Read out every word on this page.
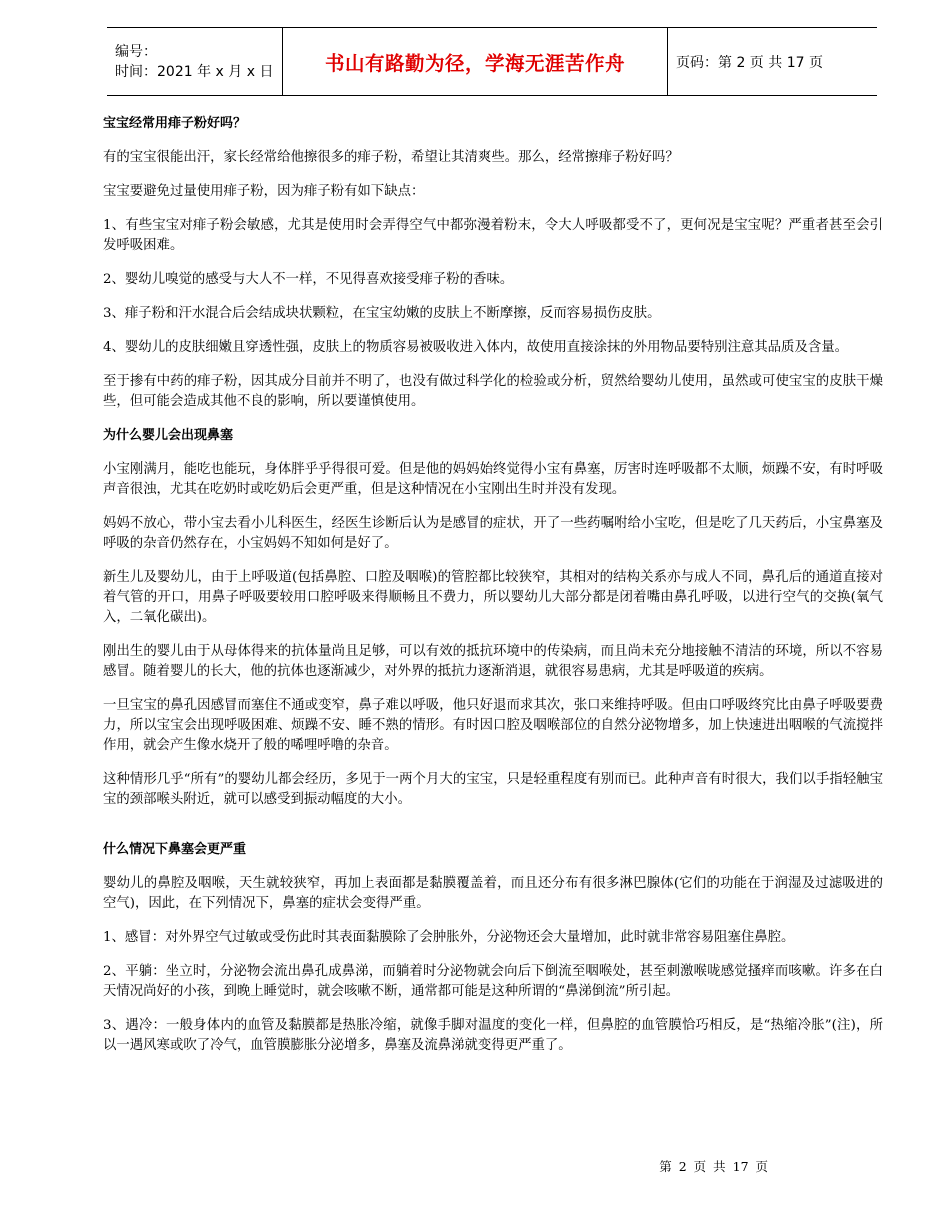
编号：
时间：2021 年 x 月 x 日	书山有路勤为径，学海无涯苦作舟	页码：第 2 页 共 17 页

宝宝经常用痱子粉好吗？

有的宝宝很能出汗，家长经常给他擦很多的痱子粉，希望让其清爽些。那么，经常擦痱子粉好吗？

宝宝要避免过量使用痱子粉，因为痱子粉有如下缺点：

1、有些宝宝对痱子粉会敏感，尤其是使用时会弄得空气中都弥漫着粉末，令大人呼吸都受不了，更何况是宝宝呢？严重者甚至会引发呼吸困难。

2、婴幼儿嗅觉的感受与大人不一样，不见得喜欢接受痱子粉的香味。

3、痱子粉和汗水混合后会结成块状颗粒，在宝宝幼嫩的皮肤上不断摩擦，反而容易损伤皮肤。

4、婴幼儿的皮肤细嫩且穿透性强，皮肤上的物质容易被吸收进入体内，故使用直接涂抹的外用物品要特别注意其品质及含量。

至于掺有中药的痱子粉，因其成分目前并不明了，也没有做过科学化的检验或分析，贸然给婴幼儿使用，虽然或可使宝宝的皮肤干燥些，但可能会造成其他不良的影响，所以要谨慎使用。

为什么婴儿会出现鼻塞

小宝刚满月，能吃也能玩，身体胖乎乎得很可爱。但是他的妈妈始终觉得小宝有鼻塞，厉害时连呼吸都不太顺，烦躁不安，有时呼吸声音很浊，尤其在吃奶时或吃奶后会更严重，但是这种情况在小宝刚出生时并没有发现。

妈妈不放心，带小宝去看小儿科医生，经医生诊断后认为是感冒的症状，开了一些药嘱咐给小宝吃，但是吃了几天药后，小宝鼻塞及呼吸的杂音仍然存在，小宝妈妈不知如何是好了。

新生儿及婴幼儿，由于上呼吸道(包括鼻腔、口腔及咽喉)的管腔都比较狭窄，其相对的结构关系亦与成人不同，鼻孔后的通道直接对着气管的开口，用鼻子呼吸要较用口腔呼吸来得顺畅且不费力，所以婴幼儿大部分都是闭着嘴由鼻孔呼吸，以进行空气的交换(氧气入，二氧化碳出)。

刚出生的婴儿由于从母体得来的抗体量尚且足够，可以有效的抵抗环境中的传染病，而且尚未充分地接触不清洁的环境，所以不容易感冒。随着婴儿的长大，他的抗体也逐渐减少，对外界的抵抗力逐渐消退，就很容易患病，尤其是呼吸道的疾病。

一旦宝宝的鼻孔因感冒而塞住不通或变窄，鼻子难以呼吸，他只好退而求其次，张口来维持呼吸。但由口呼吸终究比由鼻子呼吸要费力，所以宝宝会出现呼吸困难、烦躁不安、睡不熟的情形。有时因口腔及咽喉部位的自然分泌物增多，加上快速进出咽喉的气流搅拌作用，就会产生像水烧开了般的唏哩呼噜的杂音。

这种情形几乎“所有”的婴幼儿都会经历，多见于一两个月大的宝宝，只是轻重程度有别而已。此种声音有时很大，我们以手指轻触宝宝的颈部喉头附近，就可以感受到振动幅度的大小。

什么情况下鼻塞会更严重

婴幼儿的鼻腔及咽喉，天生就较狭窄，再加上表面都是黏膜覆盖着，而且还分布有很多淋巴腺体(它们的功能在于润湿及过滤吸进的空气)，因此，在下列情况下，鼻塞的症状会变得严重。

1、感冒：对外界空气过敏或受伤此时其表面黏膜除了会肿胀外，分泌物还会大量增加，此时就非常容易阻塞住鼻腔。

2、平躺：坐立时，分泌物会流出鼻孔成鼻涕，而躺着时分泌物就会向后下倒流至咽喉处，甚至刺激喉咙感觉搔痒而咳嗽。许多在白天情况尚好的小孩，到晚上睡觉时，就会咳嗽不断，通常都可能是这种所谓的“鼻涕倒流”所引起。

3、遇冷：一般身体内的血管及黏膜都是热胀冷缩，就像手脚对温度的变化一样，但鼻腔的血管膜恰巧相反，是“热缩冷胀”(注)，所以一遇风寒或吹了冷气，血管膜膨胀分泌增多，鼻塞及流鼻涕就变得更严重了。

第 2 页 共 17 页
